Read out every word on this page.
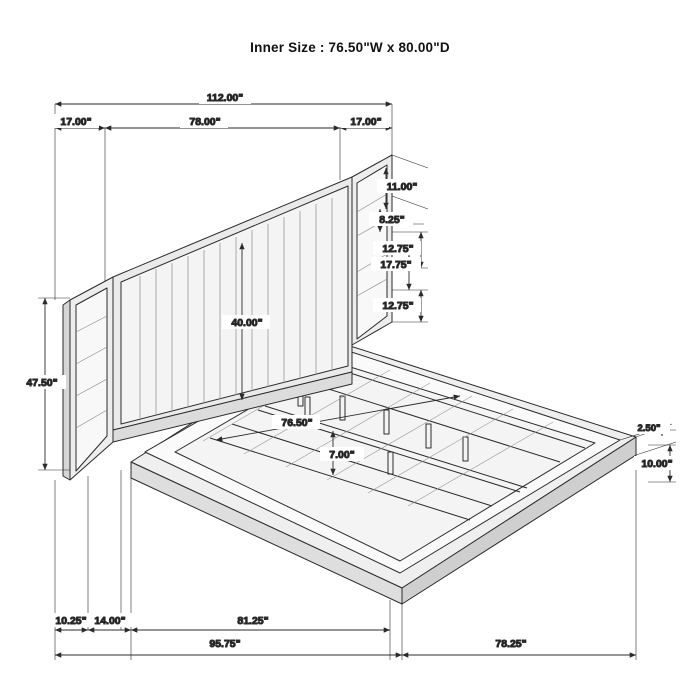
Inner Size : 76.50"W x 80.00"D
112.00"
17.00"	78.00"	17.00"
11.00"
8.25"
12.75"
17.75"
12.75"
40.00"
47.50"
76.50"
7.00"
2.50"
10.00"
10.25" 14.00"	81.25"
95.75"	78.25"
